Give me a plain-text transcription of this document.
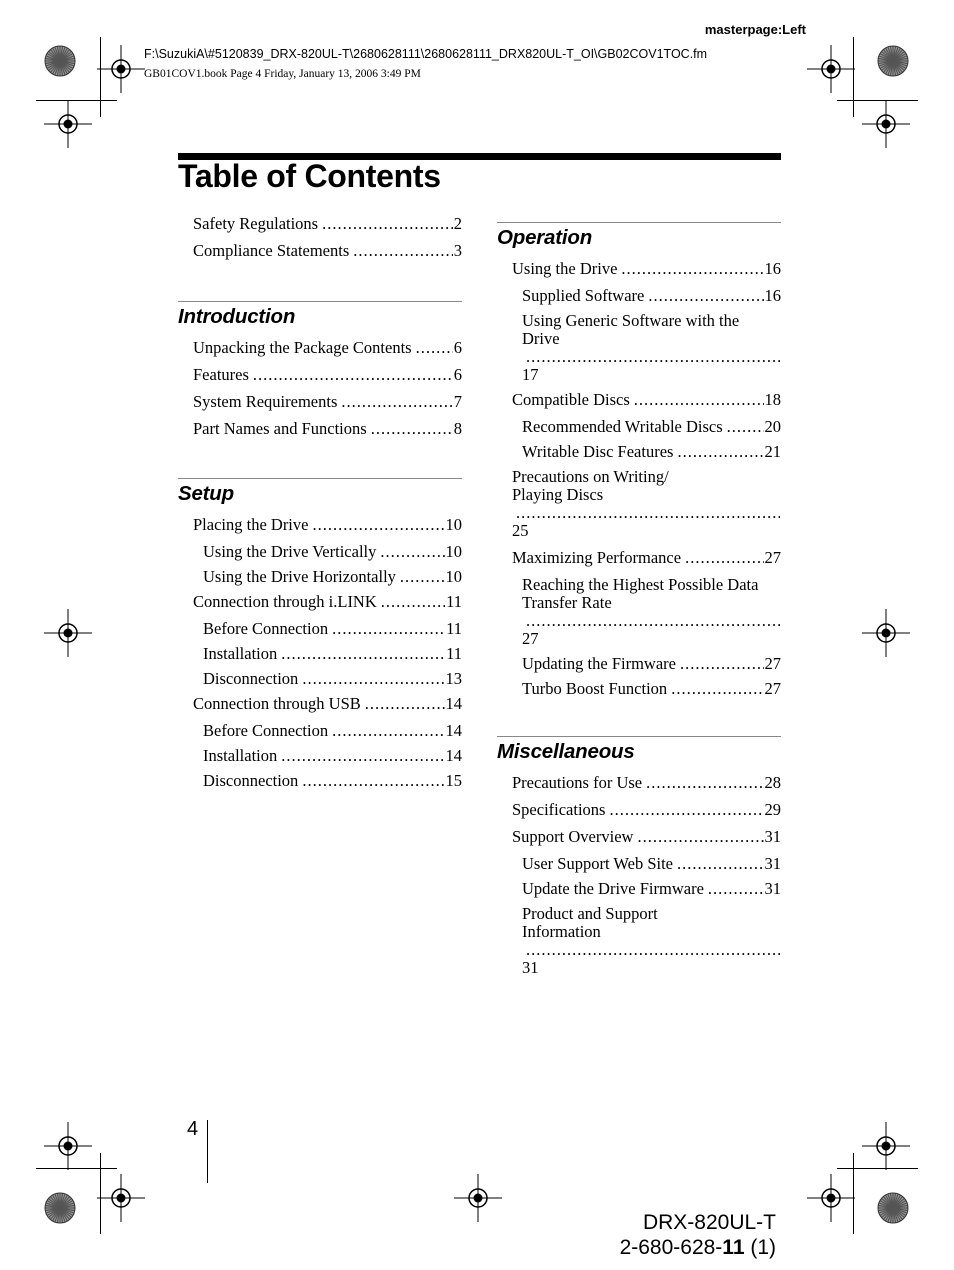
masterpage:Left
F:\SuzukiA\#5120839_DRX-820UL-T\2680628111\2680628111_DRX820UL-T_OI\GB02COV1TOC.fm
GB01COV1.book Page 4 Friday, January 13, 2006 3:49 PM
Table of Contents
Safety Regulations .....	2
Compliance Statements .....	3
Introduction
Unpacking the Package Contents .....	6
Features .....	6
System Requirements .....	7
Part Names and Functions .....	8
Setup
Placing the Drive .....	10
Using the Drive Vertically .....	10
Using the Drive Horizontally .....	10
Connection through i.LINK .....	11
Before Connection .....	11
Installation .....	11
Disconnection .....	13
Connection through USB .....	14
Before Connection .....	14
Installation .....	14
Disconnection .....	15
Operation
Using the Drive .....	16
Supplied Software .....	16
Using Generic Software with the
Drive
.....
17
Compatible Discs .....	18
Recommended Writable Discs .....	20
Writable Disc Features .....	21
Precautions on Writing/
Playing Discs
.....
25
Maximizing Performance .....	27
Reaching the Highest Possible Data
Transfer Rate
.....
27
Updating the Firmware .....	27
Turbo Boost Function .....	27
Miscellaneous
Precautions for Use .....	28
Specifications .....	29
Support Overview .....	31
User Support Web Site .....	31
Update the Drive Firmware .....	31
Product and Support
Information
.....
31
4
DRX-820UL-T
2-680-628-11 (1)
